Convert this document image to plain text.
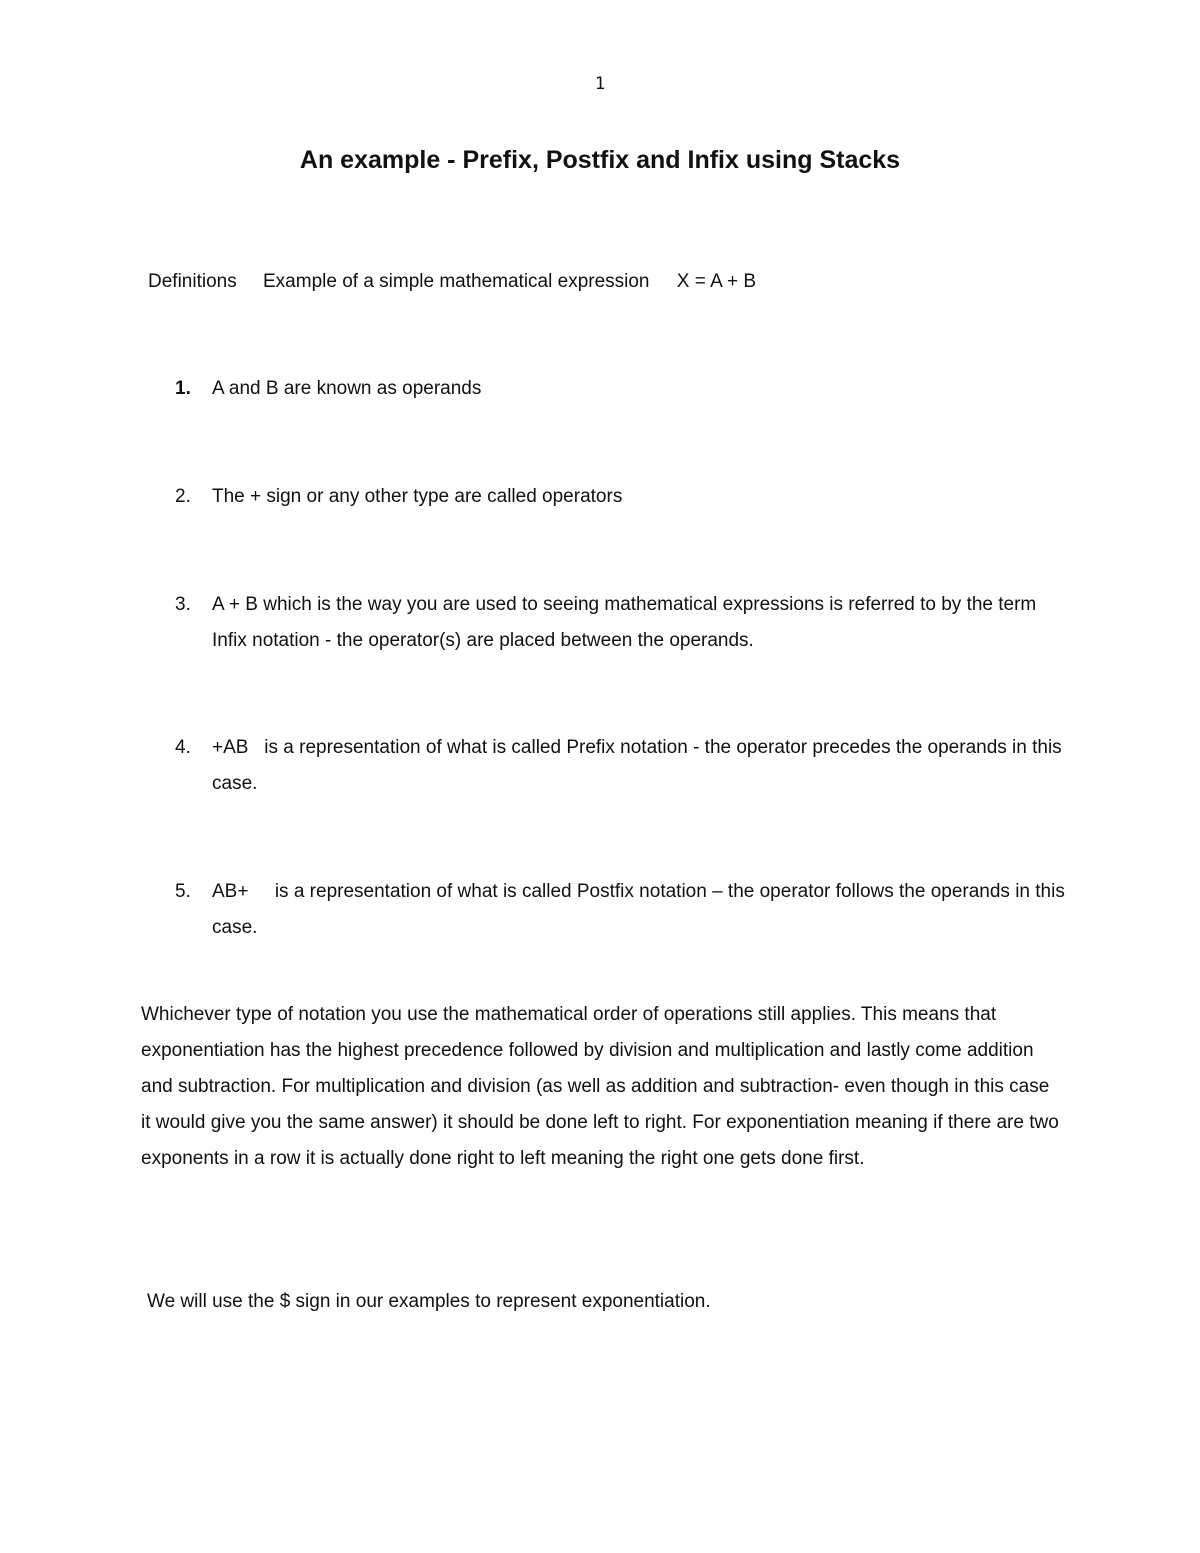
1
An example - Prefix, Postfix and Infix using Stacks
Definitions Example of a simple mathematical expression X = A + B
1. A and B are known as operands
2. The + sign or any other type are called operators
3. A + B which is the way you are used to seeing mathematical expressions is referred to by the term Infix notation - the operator(s) are placed between the operands.
4. +AB   is a representation of what is called Prefix notation - the operator precedes the operands in this case.
5. AB+     is a representation of what is called Postfix notation – the operator follows the operands in this case.

Whichever type of notation you use the mathematical order of operations still applies. This means that exponentiation has the highest precedence followed by division and multiplication and lastly come addition and subtraction. For multiplication and division (as well as addition and subtraction- even though in this case it would give you the same answer) it should be done left to right. For exponentiation meaning if there are two exponents in a row it is actually done right to left meaning the right one gets done first.

We will use the $ sign in our examples to represent exponentiation.
